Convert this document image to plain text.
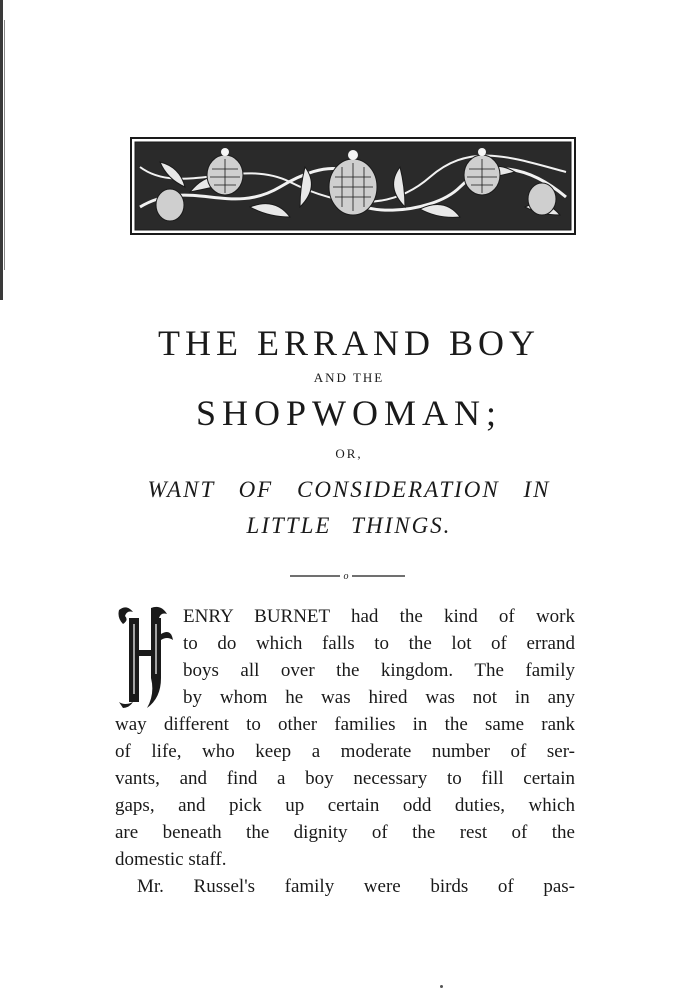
THE ERRAND BOY
AND THE
SHOPWOMAN;
OR,
WANT OF CONSIDERATION IN
LITTLE THINGS.
o
ENRY BURNET had the kind of work
to do which falls to the lot of errand
boys all over the kingdom. The family
by whom he was hired was not in any
way different to other families in the same rank
of life, who keep a moderate number of ser-
vants, and find a boy necessary to fill certain
gaps, and pick up certain odd duties, which
are beneath the dignity of the rest of the
domestic staff.
Mr. Russel's family were birds of pas-
